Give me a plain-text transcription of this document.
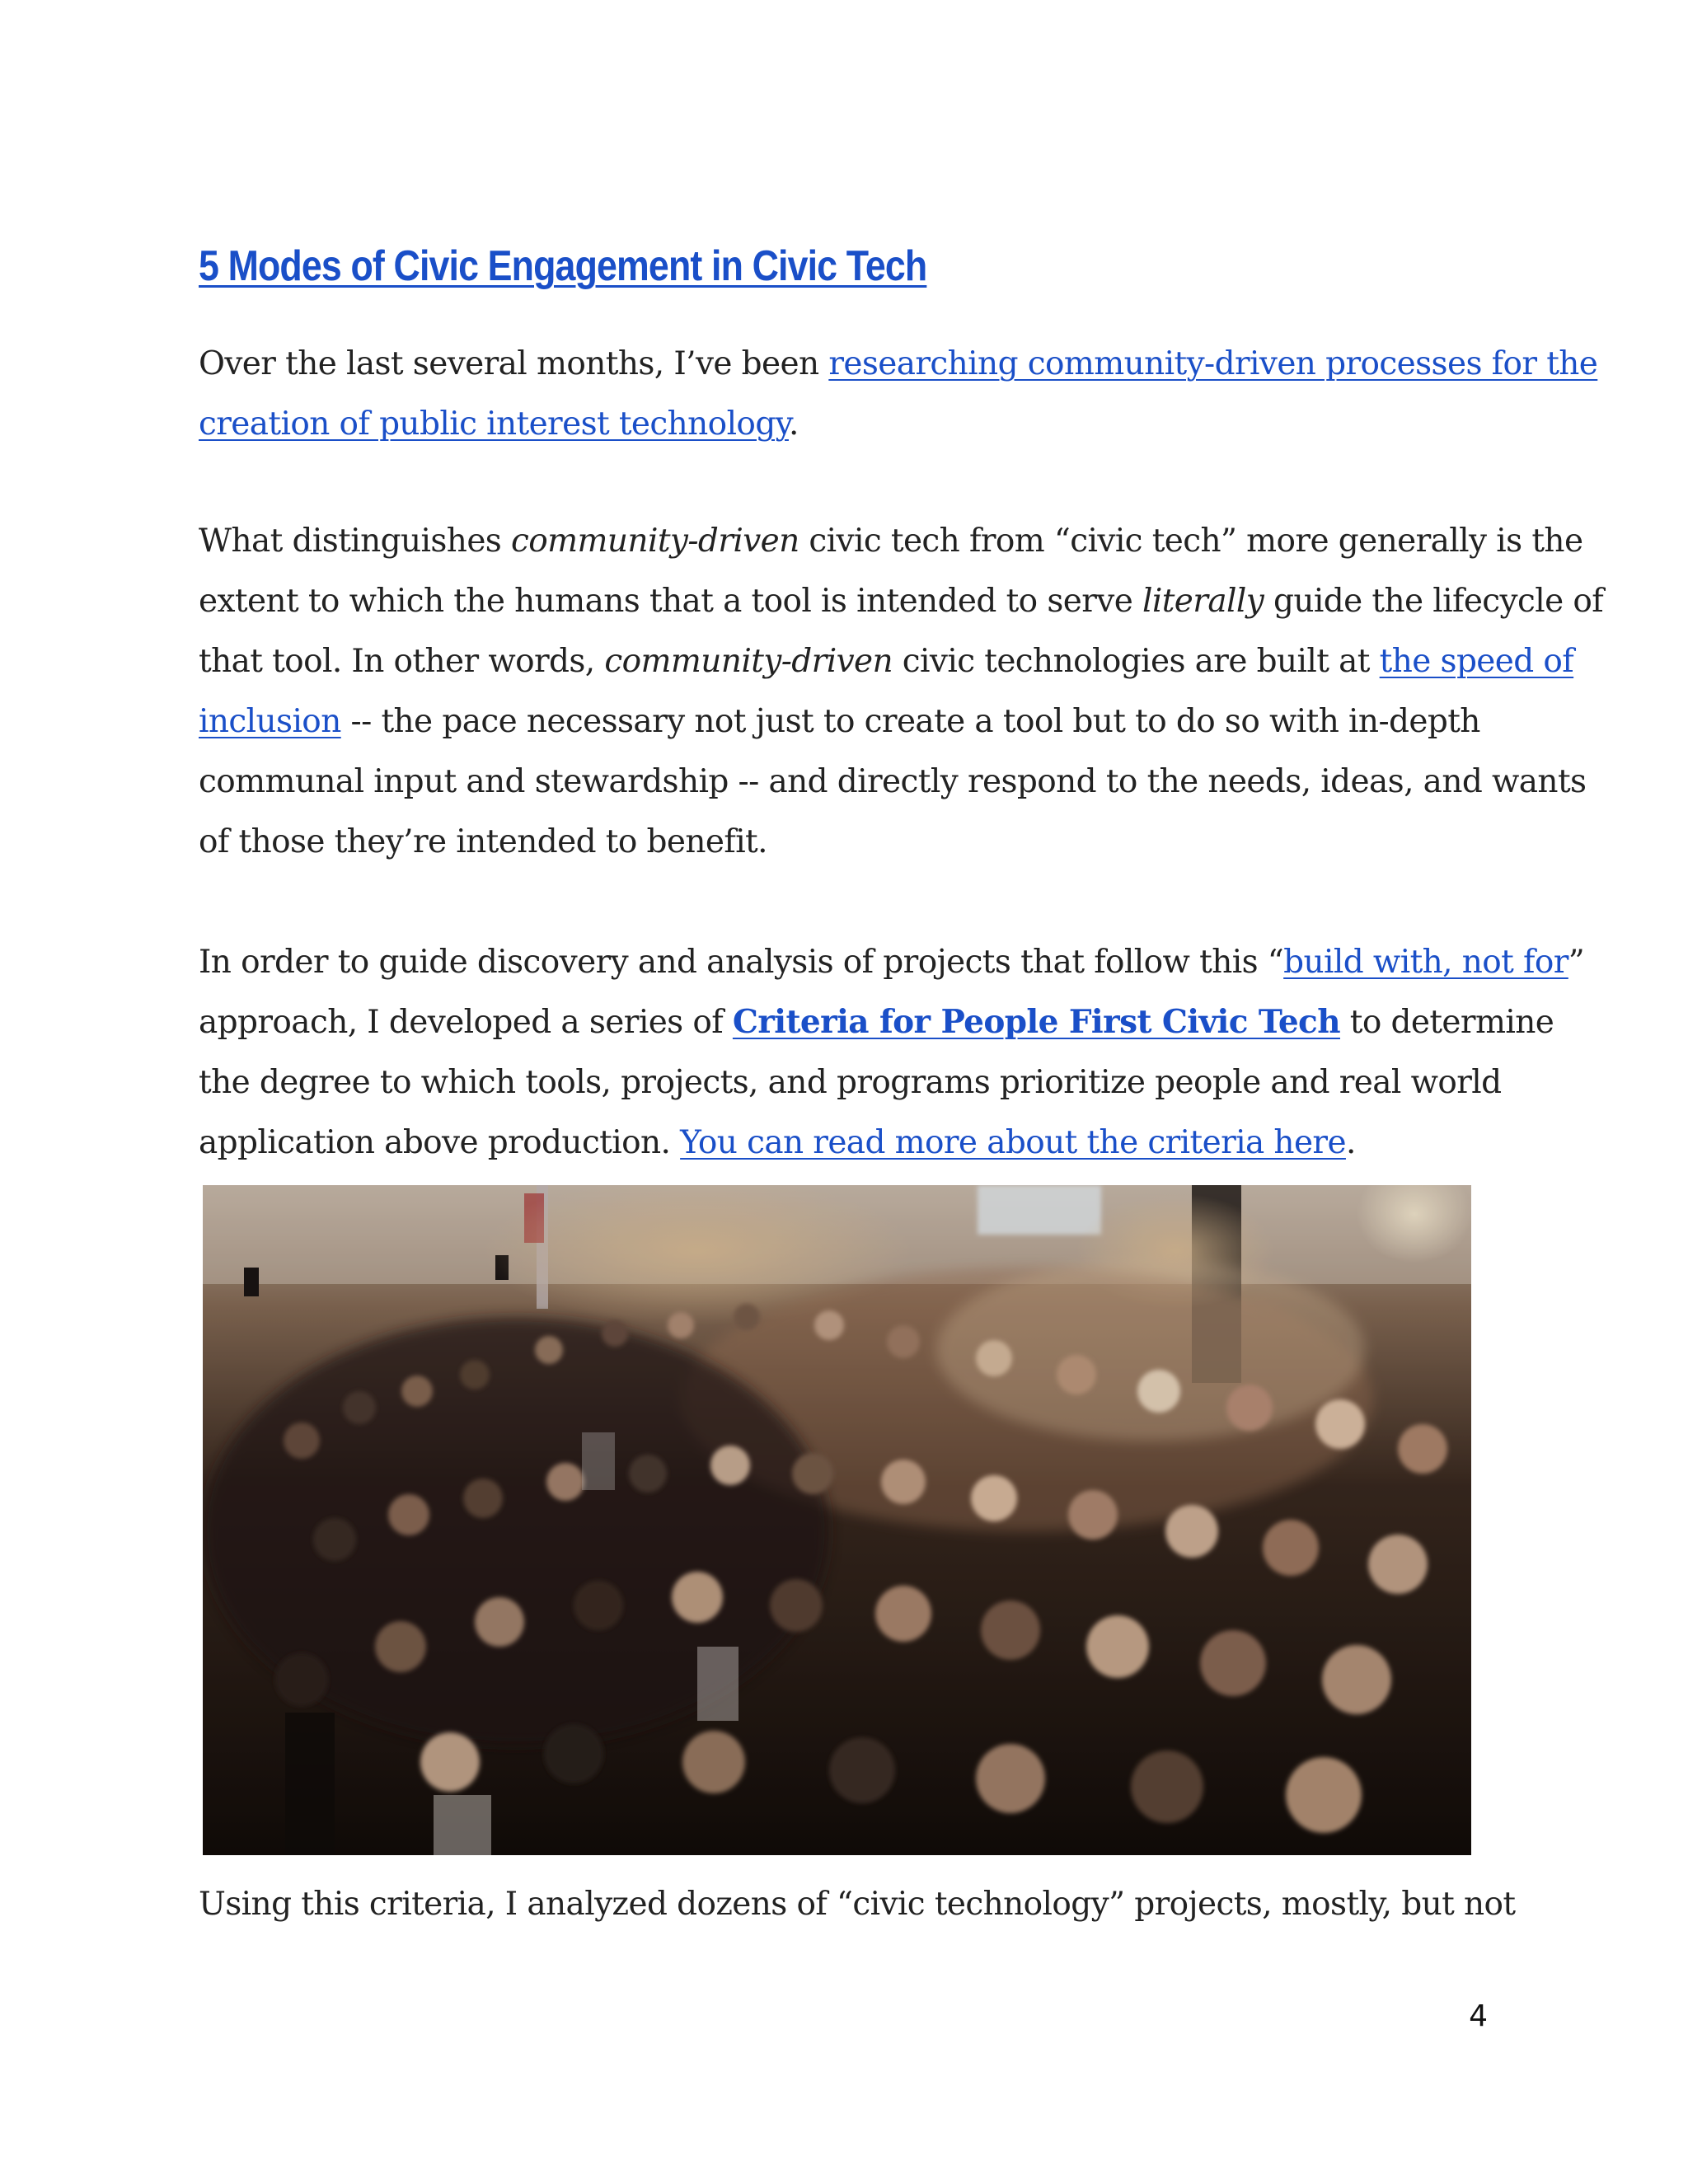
5 Modes of Civic Engagement in Civic Tech

Over the last several months, I’ve been researching community-driven processes for the
creation of public interest technology.

What distinguishes community-driven civic tech from “civic tech” more generally is the
extent to which the humans that a tool is intended to serve literally guide the lifecycle of
that tool. In other words, community-driven civic technologies are built at the speed of
inclusion -- the pace necessary not just to create a tool but to do so with in-depth
communal input and stewardship -- and directly respond to the needs, ideas, and wants
of those they’re intended to benefit.

In order to guide discovery and analysis of projects that follow this “build with, not for”
approach, I developed a series of Criteria for People First Civic Tech to determine
the degree to which tools, projects, and programs prioritize people and real world
application above production. You can read more about the criteria here.

Using this criteria, I analyzed dozens of “civic technology” projects, mostly, but not

4
